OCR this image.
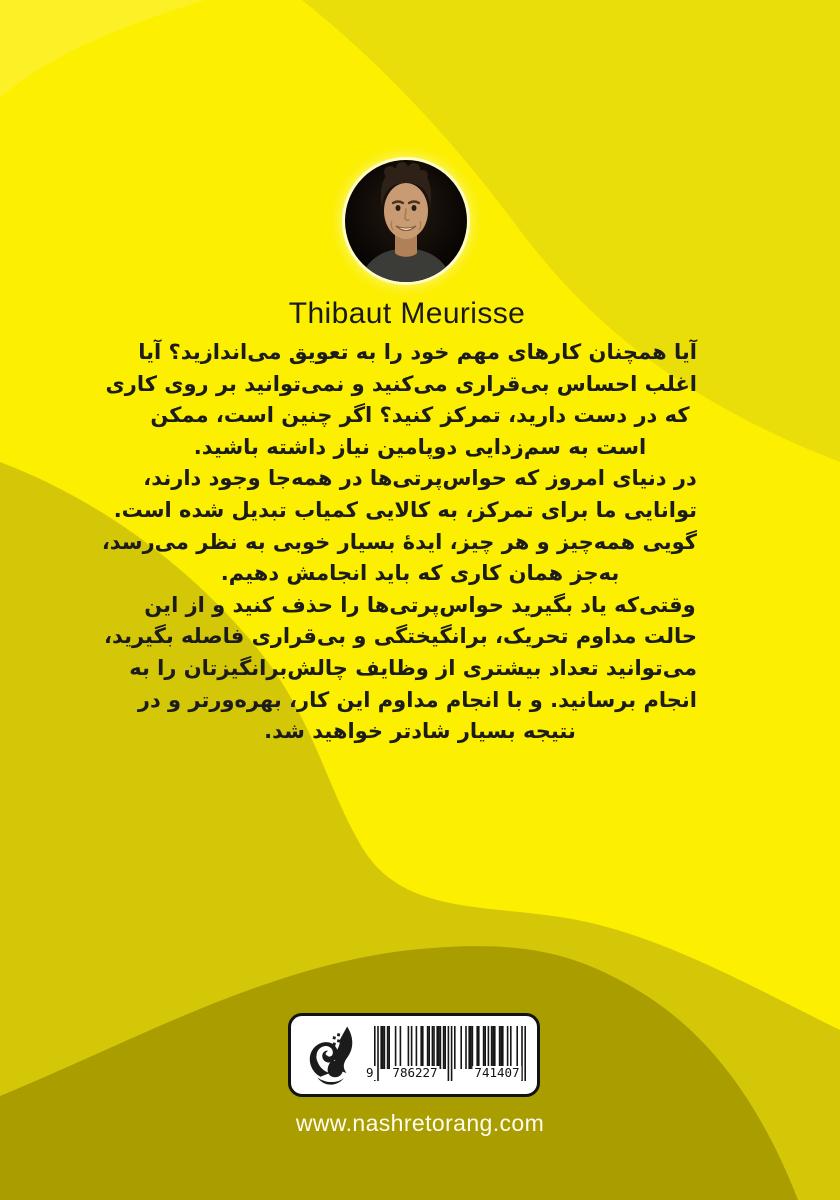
Thibaut Meurisse
آیا همچنان کارهای مهم خود را به تعویق می‌اندازید؟ آیا
اغلب احساس بی‌قراری می‌کنید و نمی‌توانید بر روی کاری
که در دست دارید، تمرکز کنید؟ اگر چنین است، ممکن
است به سم‌زدایی دوپامین نیاز داشته باشید.
در دنیای امروز که حواس‌پرتی‌ها در همه‌جا وجود دارند،
توانایی ما برای تمرکز، به کالایی کمیاب تبدیل شده است.
گویی همه‌چیز و هر چیز، ایدهٔ بسیار خوبی به نظر می‌رسد،
به‌جز همان کاری که باید انجامش دهیم.
وقتی‌که یاد بگیرید حواس‌پرتی‌ها را حذف کنید و از این
حالت مداوم تحریک، برانگیختگی و بی‌قراری فاصله بگیرید،
می‌توانید تعداد بیشتری از وظایف چالش‌برانگیزتان را به
انجام برسانید. و با انجام مداوم این کار، بهره‌ورتر و در
نتیجه بسیار شادتر خواهید شد.
9 786227	741407
www.nashretorang.com
